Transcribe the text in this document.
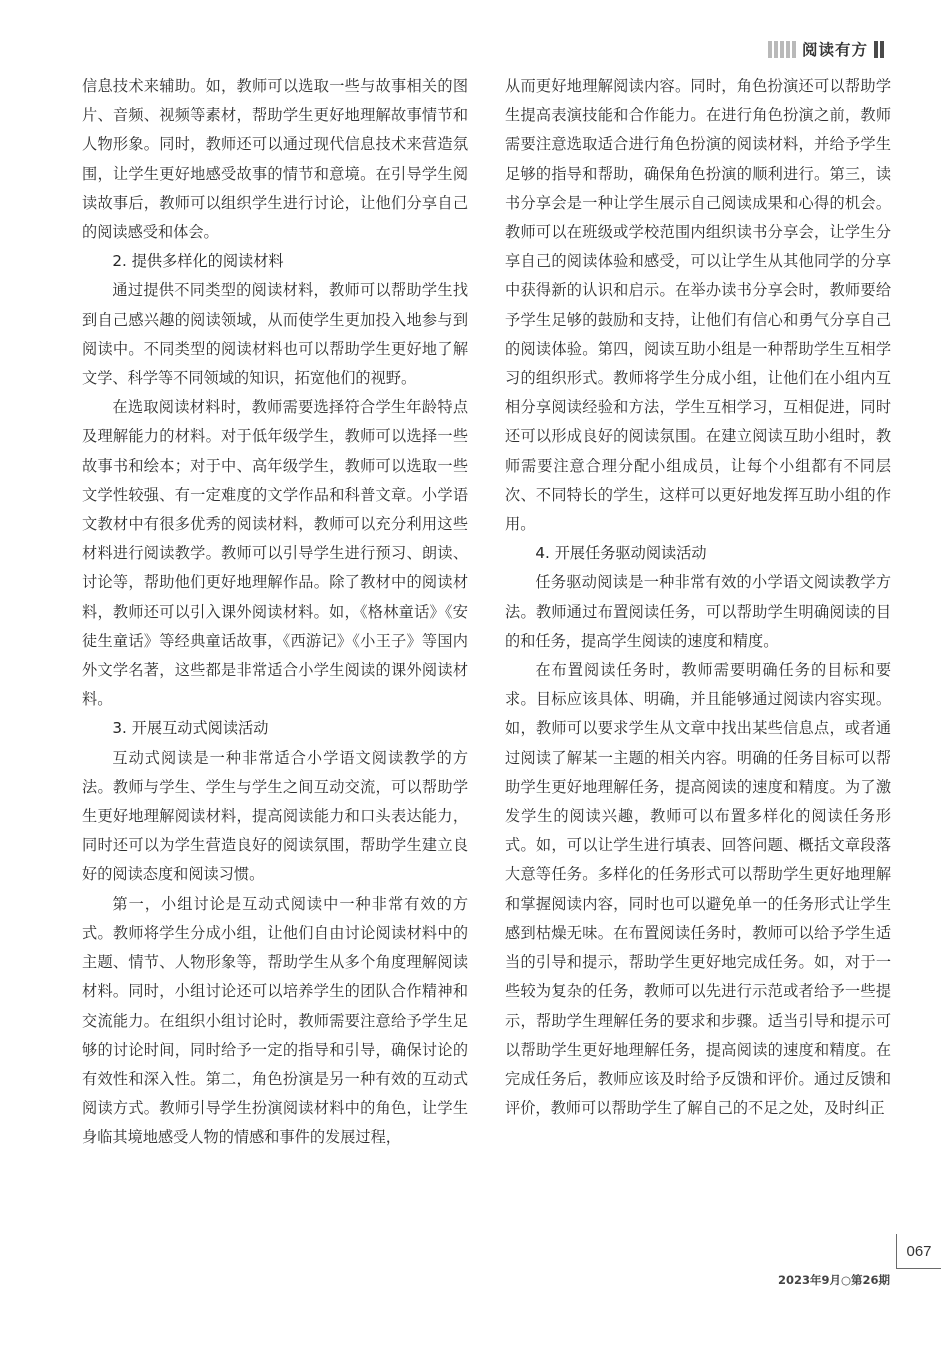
阅读有方

信息技术来辅助。如，教师可以选取一些与故事相关的图片、音频、视频等素材，帮助学生更好地理解故事情节和人物形象。同时，教师还可以通过现代信息技术来营造氛围，让学生更好地感受故事的情节和意境。在引导学生阅读故事后，教师可以组织学生进行讨论，让他们分享自己的阅读感受和体会。

2. 提供多样化的阅读材料

通过提供不同类型的阅读材料，教师可以帮助学生找到自己感兴趣的阅读领域，从而使学生更加投入地参与到阅读中。不同类型的阅读材料也可以帮助学生更好地了解文学、科学等不同领域的知识，拓宽他们的视野。

在选取阅读材料时，教师需要选择符合学生年龄特点及理解能力的材料。对于低年级学生，教师可以选择一些故事书和绘本；对于中、高年级学生，教师可以选取一些文学性较强、有一定难度的文学作品和科普文章。小学语文教材中有很多优秀的阅读材料，教师可以充分利用这些材料进行阅读教学。教师可以引导学生进行预习、朗读、讨论等，帮助他们更好地理解作品。除了教材中的阅读材料，教师还可以引入课外阅读材料。如，《格林童话》《安徒生童话》等经典童话故事，《西游记》《小王子》等国内外文学名著，这些都是非常适合小学生阅读的课外阅读材料。

3. 开展互动式阅读活动

互动式阅读是一种非常适合小学语文阅读教学的方法。教师与学生、学生与学生之间互动交流，可以帮助学生更好地理解阅读材料，提高阅读能力和口头表达能力，同时还可以为学生营造良好的阅读氛围，帮助学生建立良好的阅读态度和阅读习惯。

第一，小组讨论是互动式阅读中一种非常有效的方式。教师将学生分成小组，让他们自由讨论阅读材料中的主题、情节、人物形象等，帮助学生从多个角度理解阅读材料。同时，小组讨论还可以培养学生的团队合作精神和交流能力。在组织小组讨论时，教师需要注意给予学生足够的讨论时间，同时给予一定的指导和引导，确保讨论的有效性和深入性。第二，角色扮演是另一种有效的互动式阅读方式。教师引导学生扮演阅读材料中的角色，让学生身临其境地感受人物的情感和事件的发展过程，

从而更好地理解阅读内容。同时，角色扮演还可以帮助学生提高表演技能和合作能力。在进行角色扮演之前，教师需要注意选取适合进行角色扮演的阅读材料，并给予学生足够的指导和帮助，确保角色扮演的顺利进行。第三，读书分享会是一种让学生展示自己阅读成果和心得的机会。教师可以在班级或学校范围内组织读书分享会，让学生分享自己的阅读体验和感受，可以让学生从其他同学的分享中获得新的认识和启示。在举办读书分享会时，教师要给予学生足够的鼓励和支持，让他们有信心和勇气分享自己的阅读体验。第四，阅读互助小组是一种帮助学生互相学习的组织形式。教师将学生分成小组，让他们在小组内互相分享阅读经验和方法，学生互相学习，互相促进，同时还可以形成良好的阅读氛围。在建立阅读互助小组时，教师需要注意合理分配小组成员，让每个小组都有不同层次、不同特长的学生，这样可以更好地发挥互助小组的作用。

4. 开展任务驱动阅读活动

任务驱动阅读是一种非常有效的小学语文阅读教学方法。教师通过布置阅读任务，可以帮助学生明确阅读的目的和任务，提高学生阅读的速度和精度。

在布置阅读任务时，教师需要明确任务的目标和要求。目标应该具体、明确，并且能够通过阅读内容实现。如，教师可以要求学生从文章中找出某些信息点，或者通过阅读了解某一主题的相关内容。明确的任务目标可以帮助学生更好地理解任务，提高阅读的速度和精度。为了激发学生的阅读兴趣，教师可以布置多样化的阅读任务形式。如，可以让学生进行填表、回答问题、概括文章段落大意等任务。多样化的任务形式可以帮助学生更好地理解和掌握阅读内容，同时也可以避免单一的任务形式让学生感到枯燥无味。在布置阅读任务时，教师可以给予学生适当的引导和提示，帮助学生更好地完成任务。如，对于一些较为复杂的任务，教师可以先进行示范或者给予一些提示，帮助学生理解任务的要求和步骤。适当引导和提示可以帮助学生更好地理解任务，提高阅读的速度和精度。在完成任务后，教师应该及时给予反馈和评价。通过反馈和评价，教师可以帮助学生了解自己的不足之处，及时纠正

067
2023年9月○第26期
